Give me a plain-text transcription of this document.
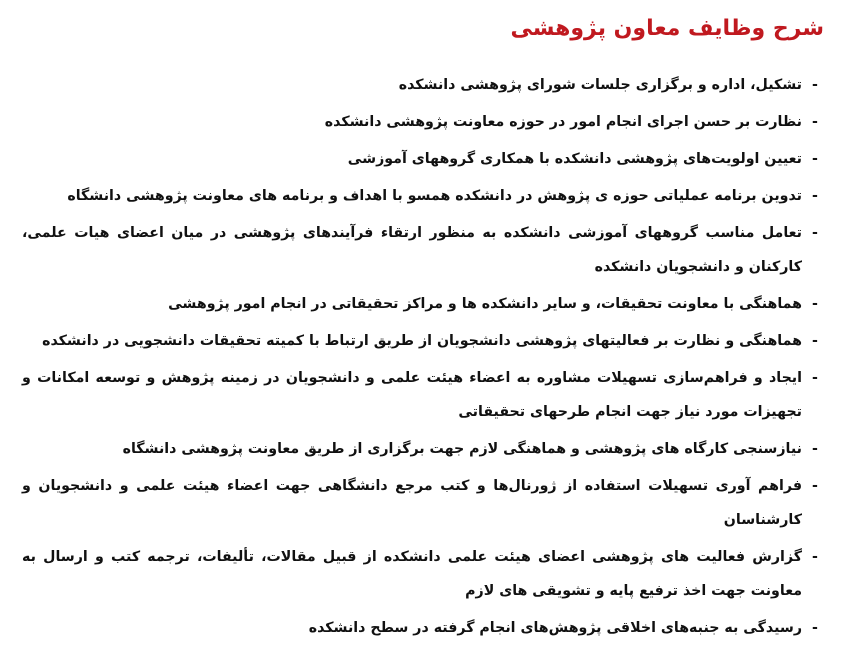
شرح وظایف معاون پژوهشی
-
تشکیل، اداره و برگزاری جلسات شورای پژوهشی دانشکده
-
نظارت بر حسن اجرای انجام امور در حوزه معاونت پژوهشی دانشکده
-
تعیین اولویت‌های پژوهشی دانشکده با همکاری گروههای آموزشی
-
تدوین برنامه عملیاتی حوزه ی پژوهش در دانشکده همسو با اهداف و برنامه های معاونت پژوهشی دانشگاه
-
تعامل مناسب گروههای آموزشی دانشکده به منظور ارتقاء فرآیندهای پژوهشی در میان اعضای هیات علمی، کارکنان و دانشجویان دانشکده
-
هماهنگی با معاونت تحقیقات، و سایر دانشکده ها و مراکز تحقیقاتی در انجام امور پژوهشی
-
هماهنگی و نظارت بر فعالیتهای پژوهشی دانشجویان از طریق ارتباط با کمیته تحقیقات دانشجویی در دانشکده
-
ایجاد و فراهم‌سازی تسهیلات مشاوره به اعضاء هیئت علمی و دانشجویان در زمینه پژوهش و توسعه امکانات و تجهیزات مورد نیاز جهت انجام طرحهای تحقیقاتی
-
نیازسنجی کارگاه های پژوهشی و هماهنگی لازم جهت برگزاری از طریق معاونت پژوهشی دانشگاه
-
فراهم آوری تسهیلات استفاده از ژورنال‌ها و کتب مرجع دانشگاهی جهت اعضاء هیئت علمی و دانشجویان و کارشناسان
-
گزارش فعالیت های پژوهشی اعضای هیئت علمی دانشکده از قبیل مقالات، تألیفات، ترجمه کتب و ارسال به معاونت جهت اخذ ترفیع پایه و تشویقی های لازم
-
رسیدگی به جنبه‌های اخلاقی پژوهش‌های انجام گرفته در سطح دانشکده
